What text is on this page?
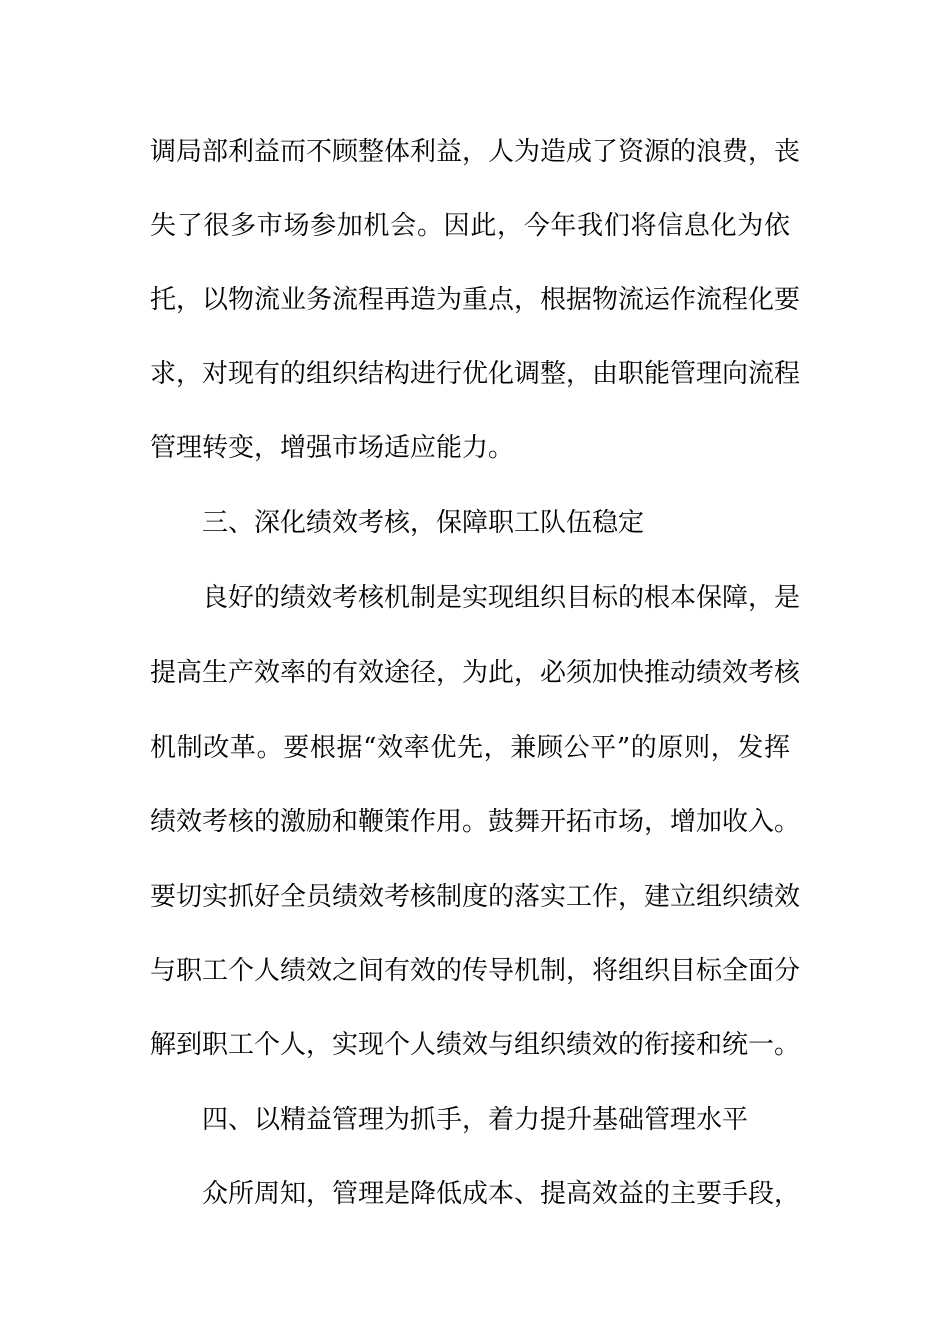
调局部利益而不顾整体利益，人为造成了资源的浪费，丧
失了很多市场参加机会。因此，今年我们将信息化为依
托，以物流业务流程再造为重点，根据物流运作流程化要
求，对现有的组织结构进行优化调整，由职能管理向流程
管理转变，增强市场适应能力。
三、深化绩效考核，保障职工队伍稳定
良好的绩效考核机制是实现组织目标的根本保障，是
提高生产效率的有效途径，为此，必须加快推动绩效考核
机制改革。要根据“效率优先，兼顾公平”的原则，发挥
绩效考核的激励和鞭策作用。鼓舞开拓市场，增加收入。
要切实抓好全员绩效考核制度的落实工作，建立组织绩效
与职工个人绩效之间有效的传导机制，将组织目标全面分
解到职工个人，实现个人绩效与组织绩效的衔接和统一。
四、以精益管理为抓手，着力提升基础管理水平
众所周知，管理是降低成本、提高效益的主要手段，
